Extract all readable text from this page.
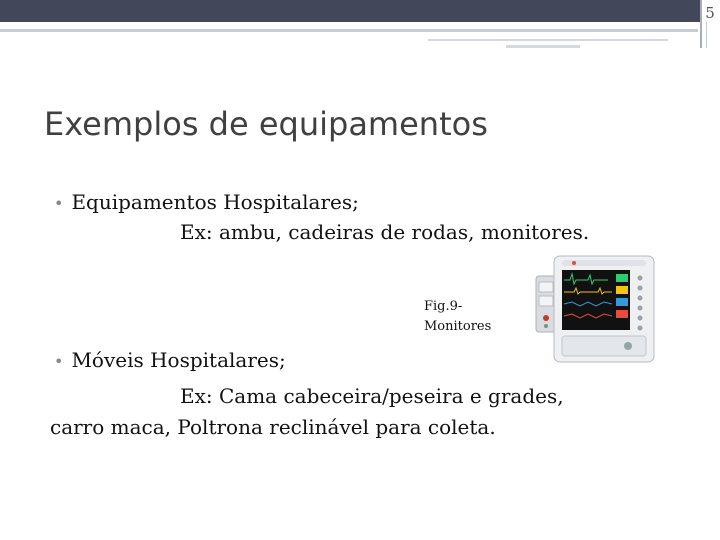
5
Exemplos de equipamentos
• Equipamentos Hospitalares;
Ex: ambu, cadeiras de rodas, monitores.
Fig.9-
Monitores
• Móveis Hospitalares;
Ex: Cama cabeceira/peseira e grades,
carro maca, Poltrona reclinável para coleta.
